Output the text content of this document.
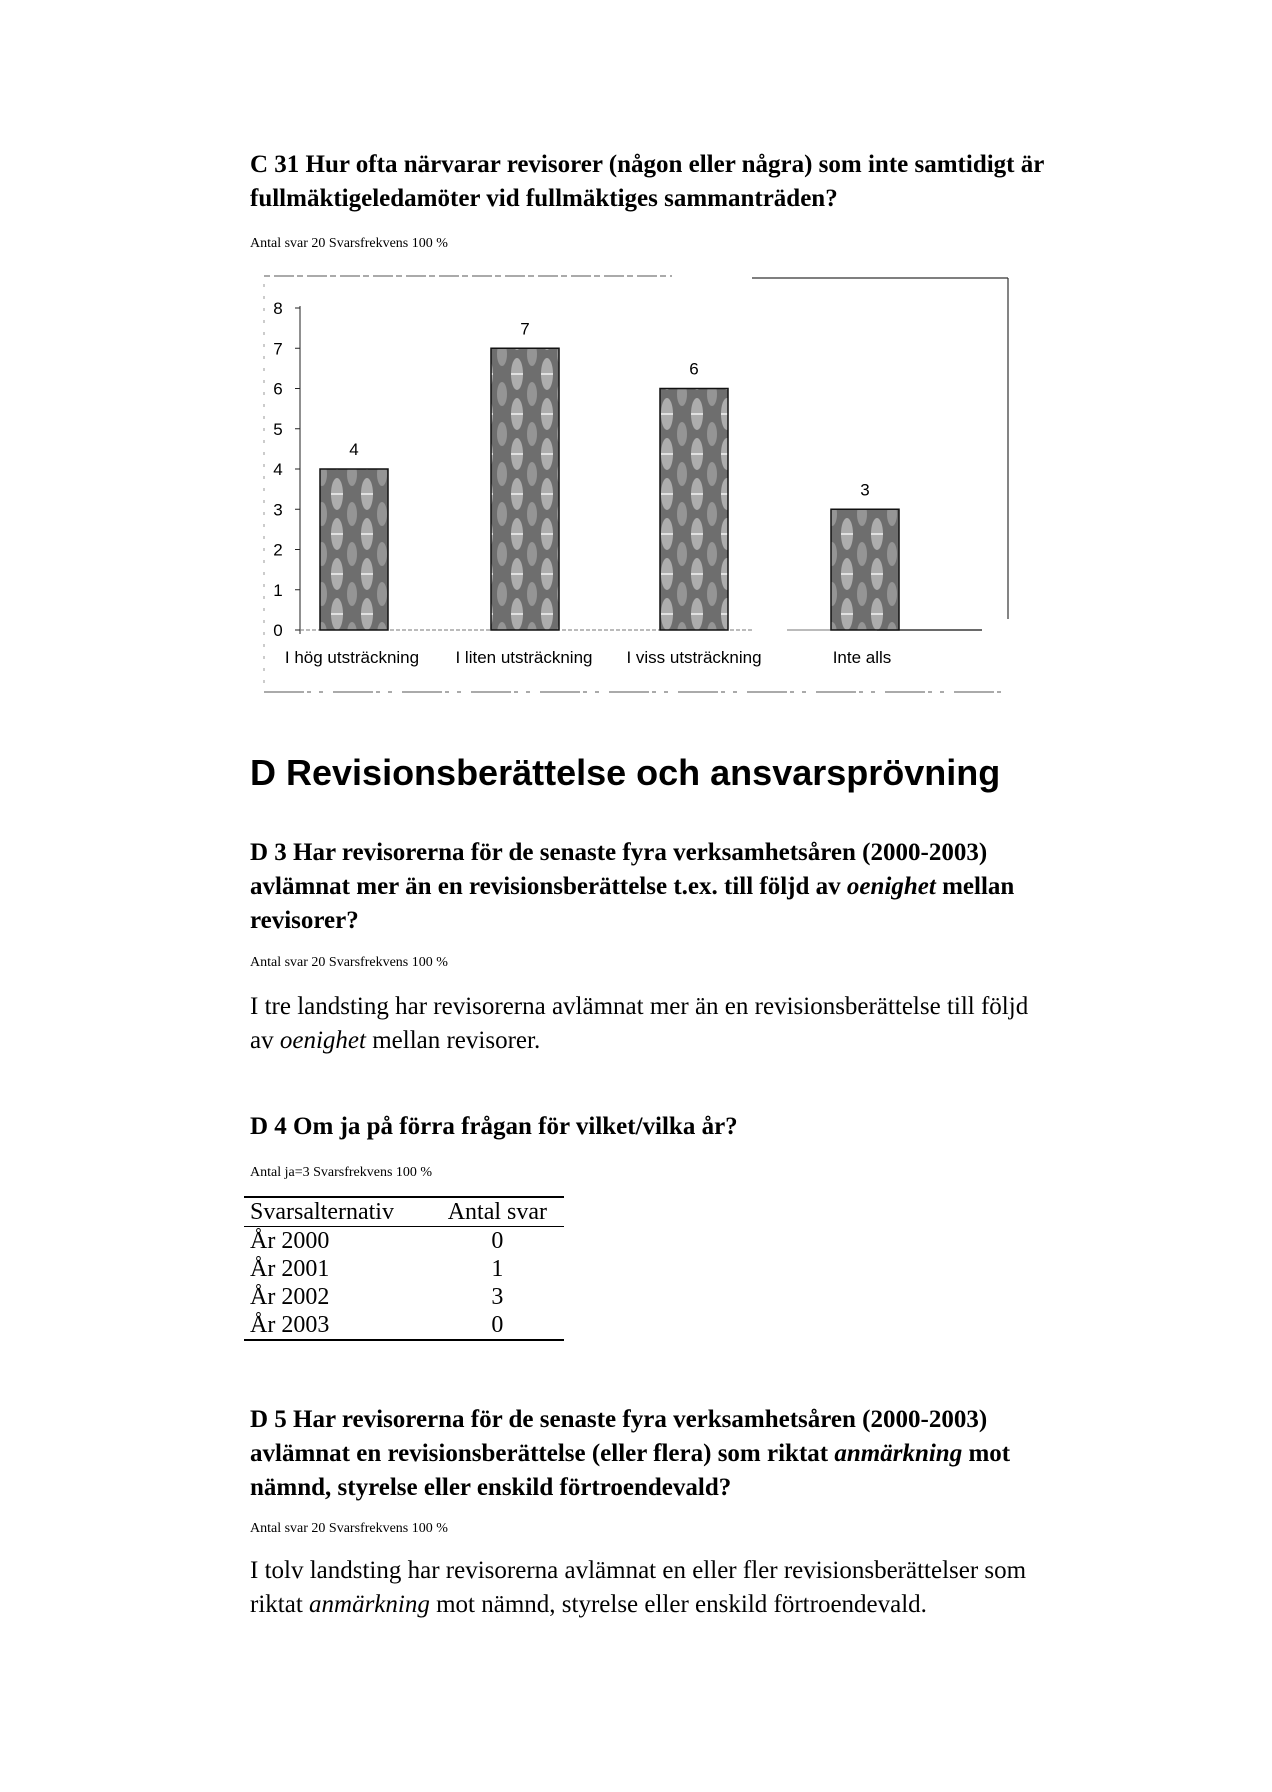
C 31 Hur ofta närvarar revisorer (någon eller några) som inte samtidigt är
fullmäktigeledamöter vid fullmäktiges sammanträden?
Antal svar 20 Svarsfrekvens 100 %
0
1
2
3
4
5
6
7
8
4
7
6
3
I hög utsträckning I liten utsträckning I viss utsträckning	Inte alls
D Revisionsberättelse och ansvarsprövning
D 3 Har revisorerna för de senaste fyra verksamhetsåren (2000-2003)
avlämnat mer än en revisionsberättelse t.ex. till följd av oenighet mellan
revisorer?
Antal svar 20 Svarsfrekvens 100 %
I tre landsting har revisorerna avlämnat mer än en revisionsberättelse till följd
av oenighet mellan revisorer.
D 4 Om ja på förra frågan för vilket/vilka år?
Antal ja=3 Svarsfrekvens 100 %
Svarsalternativ	Antal svar
År 2000	0
År 2001	1
År 2002	3
År 2003	0
D 5 Har revisorerna för de senaste fyra verksamhetsåren (2000-2003)
avlämnat en revisionsberättelse (eller flera) som riktat anmärkning mot
nämnd, styrelse eller enskild förtroendevald?
Antal svar 20 Svarsfrekvens 100 %
I tolv landsting har revisorerna avlämnat en eller fler revisionsberättelser som
riktat anmärkning mot nämnd, styrelse eller enskild förtroendevald.
